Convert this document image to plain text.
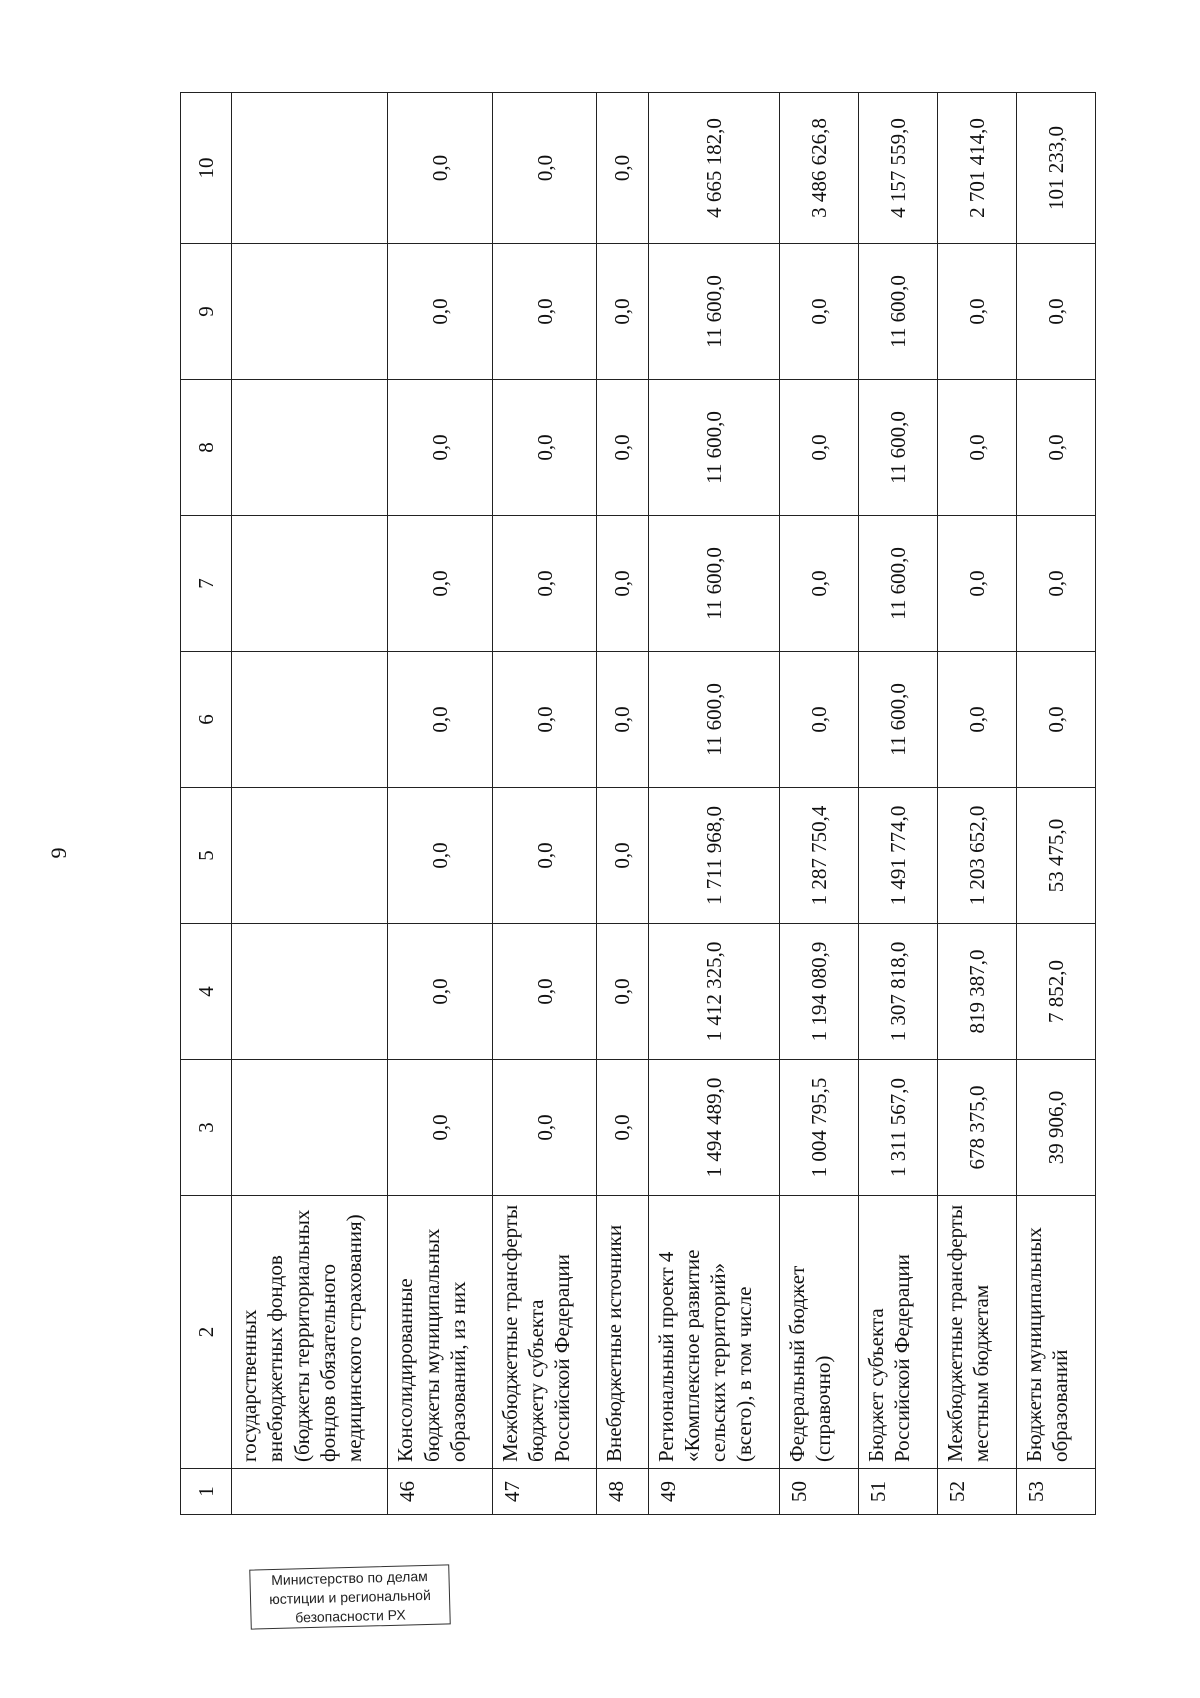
9
1	2	3	4	5	6	7	8	9	10
	государственных внебюджетных фондов (бюджеты территориальных фондов обязательного медицинского страхования)								
46	Консолидированные бюджеты муниципальных образований, из них	0,0	0,0	0,0	0,0	0,0	0,0	0,0	0,0
47	Межбюджетные трансферты бюджету субъекта Российской Федерации	0,0	0,0	0,0	0,0	0,0	0,0	0,0	0,0
48	Внебюджетные источники	0,0	0,0	0,0	0,0	0,0	0,0	0,0	0,0
49	Региональный проект 4 «Комплексное развитие сельских территорий» (всего), в том числе	1 494 489,0	1 412 325,0	1 711 968,0	11 600,0	11 600,0	11 600,0	11 600,0	4 665 182,0
50	Федеральный бюджет (справочно)	1 004 795,5	1 194 080,9	1 287 750,4	0,0	0,0	0,0	0,0	3 486 626,8
51	Бюджет субъекта Российской Федерации	1 311 567,0	1 307 818,0	1 491 774,0	11 600,0	11 600,0	11 600,0	11 600,0	4 157 559,0
52	Межбюджетные трансферты местным бюджетам	678 375,0	819 387,0	1 203 652,0	0,0	0,0	0,0	0,0	2 701 414,0
53	Бюджеты муниципальных образований	39 906,0	7 852,0	53 475,0	0,0	0,0	0,0	0,0	101 233,0
Министерство по делам
юстиции и региональной
безопасности РХ
